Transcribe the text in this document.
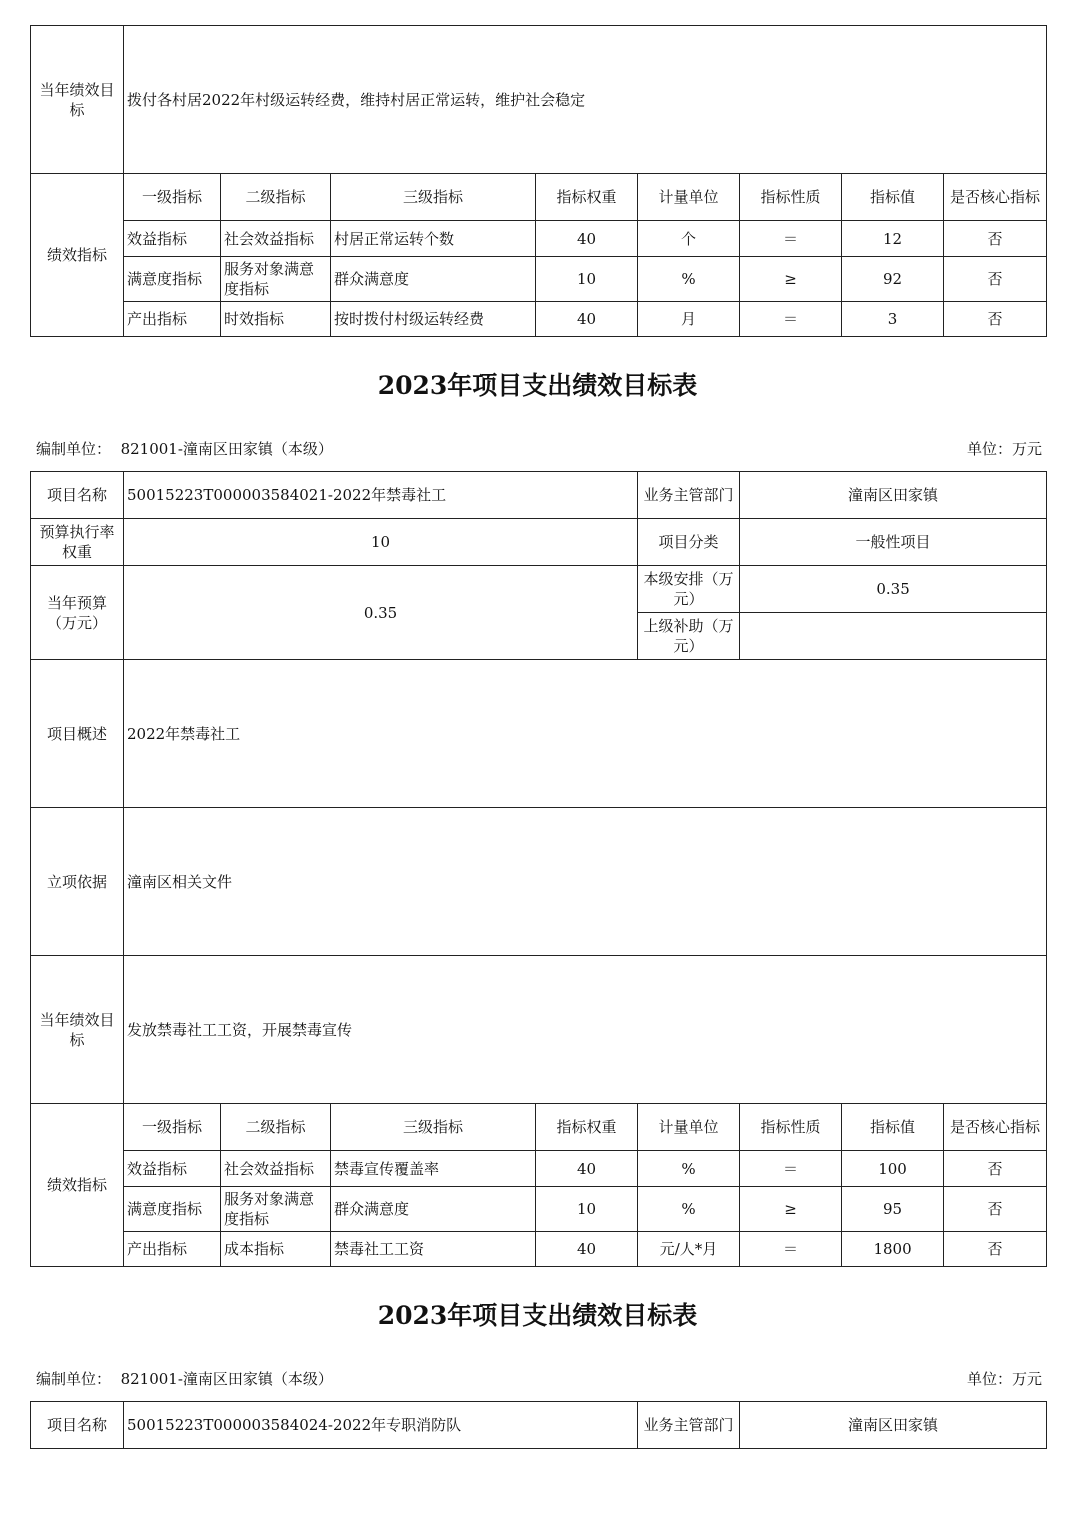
当年绩效目标	拨付各村居2022年村级运转经费，维持村居正常运转，维护社会稳定							
绩效指标	一级指标	二级指标	三级指标	指标权重	计量单位	指标性质	指标值	是否核心指标
	效益指标	社会效益指标	村居正常运转个数	40	个	＝	12	否
	满意度指标	服务对象满意度指标	群众满意度	10	%	≥	92	否
	产出指标	时效指标	按时拨付村级运转经费	40	月	＝	3	否
2023年项目支出绩效目标表
编制单位： 821001-潼南区田家镇（本级）	单位：万元
项目名称	50015223T000003584021-2022年禁毒社工				业务主管部门	潼南区田家镇		
预算执行率权重	10				项目分类	一般性项目		
当年预算（万元）	0.35				本级安排（万元）	0.35		
					上级补助（万元）			
项目概述	2022年禁毒社工							
立项依据	潼南区相关文件							
当年绩效目标	发放禁毒社工工资，开展禁毒宣传							
绩效指标	一级指标	二级指标	三级指标	指标权重	计量单位	指标性质	指标值	是否核心指标
	效益指标	社会效益指标	禁毒宣传覆盖率	40	%	＝	100	否
	满意度指标	服务对象满意度指标	群众满意度	10	%	≥	95	否
	产出指标	成本指标	禁毒社工工资	40	元/人*月	＝	1800	否
2023年项目支出绩效目标表
编制单位： 821001-潼南区田家镇（本级）	单位：万元
项目名称	50015223T000003584024-2022年专职消防队	业务主管部门	潼南区田家镇
